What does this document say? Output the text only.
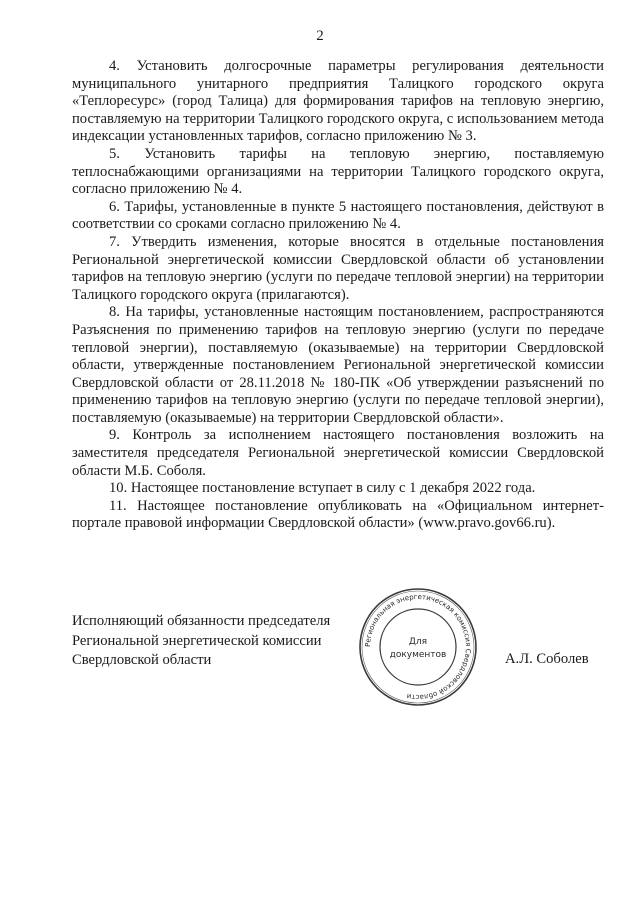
2

4. Установить долгосрочные параметры регулирования деятельности муниципального унитарного предприятия Талицкого городского округа «Теплоресурс» (город Талица) для формирования тарифов на тепловую энергию, поставляемую на территории Талицкого городского округа, с использованием метода индексации установленных тарифов, согласно приложению № 3.

5. Установить тарифы на тепловую энергию, поставляемую теплоснабжающими организациями на территории Талицкого городского округа, согласно приложению № 4.

6. Тарифы, установленные в пункте 5 настоящего постановления, действуют в соответствии со сроками согласно приложению № 4.

7. Утвердить изменения, которые вносятся в отдельные постановления Региональной энергетической комиссии Свердловской области об установлении тарифов на тепловую энергию (услуги по передаче тепловой энергии) на территории Талицкого городского округа (прилагаются).

8. На тарифы, установленные настоящим постановлением, распространяются Разъяснения по применению тарифов на тепловую энергию (услуги по передаче тепловой энергии), поставляемую (оказываемые) на территории Свердловской области, утвержденные постановлением Региональной энергетической комиссии Свердловской области от 28.11.2018 № 180-ПК «Об утверждении разъяснений по применению тарифов на тепловую энергию (услуги по передаче тепловой энергии), поставляемую (оказываемые) на территории Свердловской области».

9. Контроль за исполнением настоящего постановления возложить на заместителя председателя Региональной энергетической комиссии Свердловской области М.Б. Соболя.

10. Настоящее постановление вступает в силу с 1 декабря 2022 года.

11. Настоящее постановление опубликовать на «Официальном интернет-портале правовой информации Свердловской области» (www.pravo.gov66.ru).

Исполняющий обязанности председателя
Региональной энергетической комиссии
Свердловской области	А.Л. Соболев
Региональная энергетическая комиссия Свердловской области
Для
документов
